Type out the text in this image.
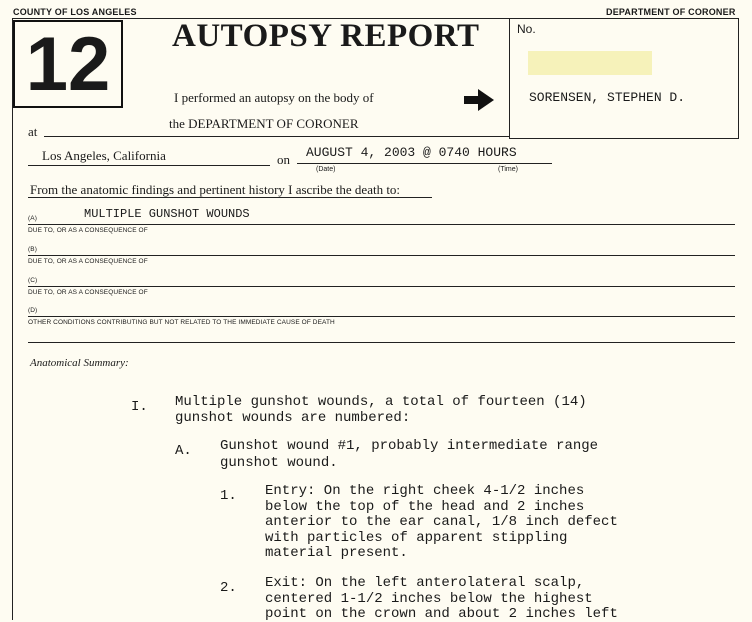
COUNTY OF LOS ANGELES	DEPARTMENT OF CORONER
12	AUTOPSY REPORT	No.
SORENSEN, STEPHEN D.
I performed an autopsy on the body of
at
the DEPARTMENT OF CORONER
Los Angeles, California	on AUGUST 4, 2003 @ 0740 HOURS
(Date)	(Time)
From the anatomic findings and pertinent history I ascribe the death to:
(A)	MULTIPLE GUNSHOT WOUNDS
DUE TO, OR AS A CONSEQUENCE OF
(B)
DUE TO, OR AS A CONSEQUENCE OF
(C)
DUE TO, OR AS A CONSEQUENCE OF
(D)
OTHER CONDITIONS CONTRIBUTING BUT NOT RELATED TO THE IMMEDIATE CAUSE OF DEATH
Anatomical Summary:
I. Multiple gunshot wounds, a total of fourteen (14)
gunshot wounds are numbered:
A. Gunshot wound #1, probably intermediate range
gunshot wound.
1. Entry: On the right cheek 4-1/2 inches
below the top of the head and 2 inches
anterior to the ear canal, 1/8 inch defect
with particles of apparent stippling
material present.
2. Exit: On the left anterolateral scalp,
centered 1-1/2 inches below the highest
point on the crown and about 2 inches left
